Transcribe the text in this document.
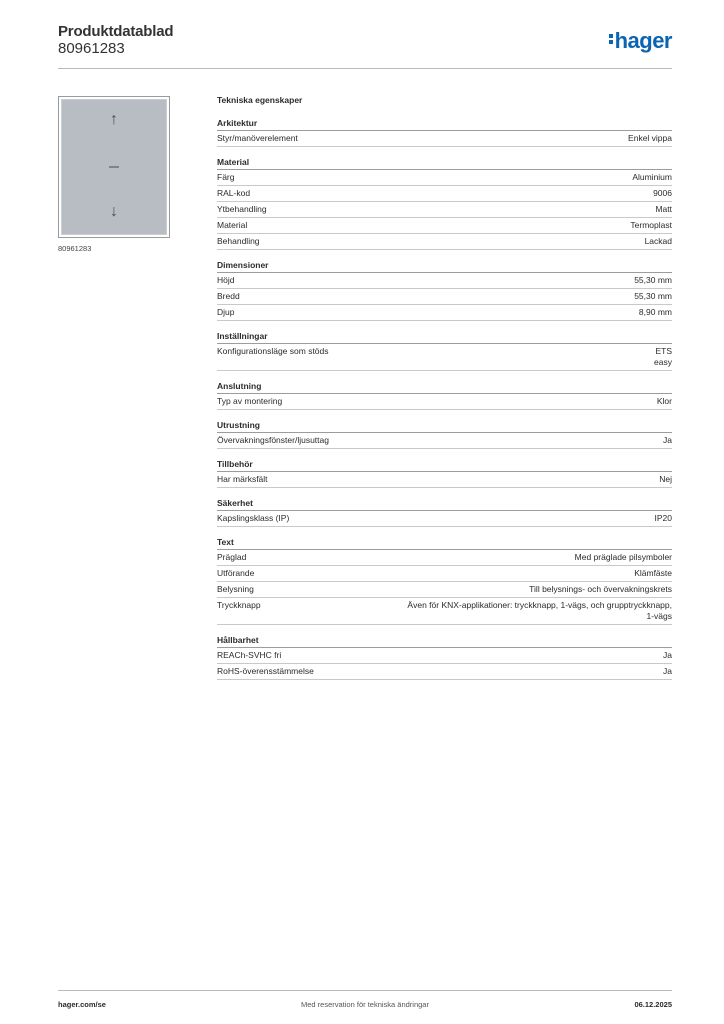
Produktdatablad
80961283	hager
↑
↓
80961283
Tekniska egenskaper
Arkitektur
Styr/manöverelement	Enkel vippa
Material
Färg	Aluminium
RAL-kod	9006
Ytbehandling	Matt
Material	Termoplast
Behandling	Lackad
Dimensioner
Höjd	55,30 mm
Bredd	55,30 mm
Djup	8,90 mm
Inställningar
Konfigurationsläge som stöds	ETS
easy
Anslutning
Typ av montering	Klor
Utrustning
Övervakningsfönster/ljusuttag	Ja
Tillbehör
Har märksfält	Nej
Säkerhet
Kapslingsklass (IP)	IP20
Text
Präglad	Med präglade pilsymboler
Utförande	Klämfäste
Belysning	Till belysnings- och övervakningskrets
Tryckknapp	Även för KNX-applikationer: tryckknapp, 1-vägs, och grupptryckknapp,
1-vägs
Hållbarhet
REACh-SVHC fri	Ja
RoHS-överensstämmelse	Ja
hager.com/se	Med reservation för tekniska ändringar	06.12.2025
